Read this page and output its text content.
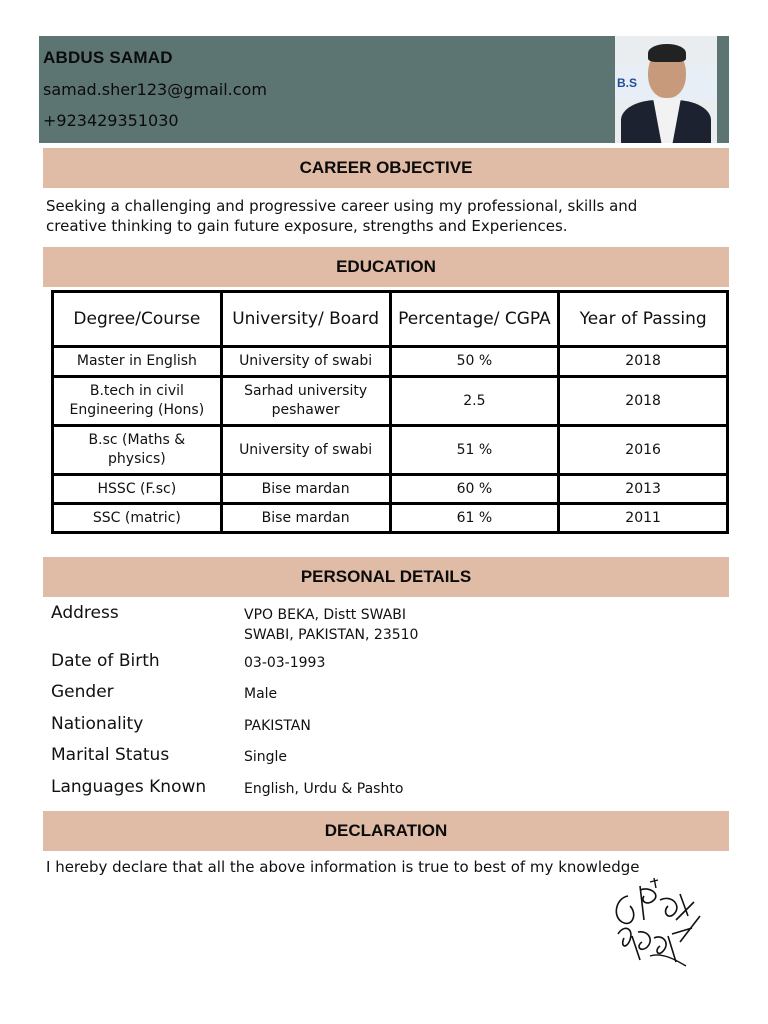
ABDUS SAMAD
samad.sher123@gmail.com
+923429351030
B.S
CAREER OBJECTIVE
Seeking a challenging and progressive career using my professional, skills and
creative thinking to gain future exposure, strengths and Experiences.
EDUCATION
Degree/Course	University/ Board	Percentage/ CGPA	Year of Passing
Master in English	University of swabi	50 %	2018
B.tech in civil Engineering (Hons)	Sarhad university peshawer	2.5	2018
B.sc (Maths & physics)	University of swabi	51 %	2016
HSSC (F.sc)	Bise mardan	60 %	2013
SSC (matric)	Bise mardan	61 %	2011
PERSONAL DETAILS
Address	VPO BEKA, Distt SWABI
SWABI, PAKISTAN, 23510
Date of Birth	03-03-1993
Gender	Male
Nationality	PAKISTAN
Marital Status	Single
Languages Known	English, Urdu & Pashto
DECLARATION
I hereby declare that all the above information is true to best of my knowledge
